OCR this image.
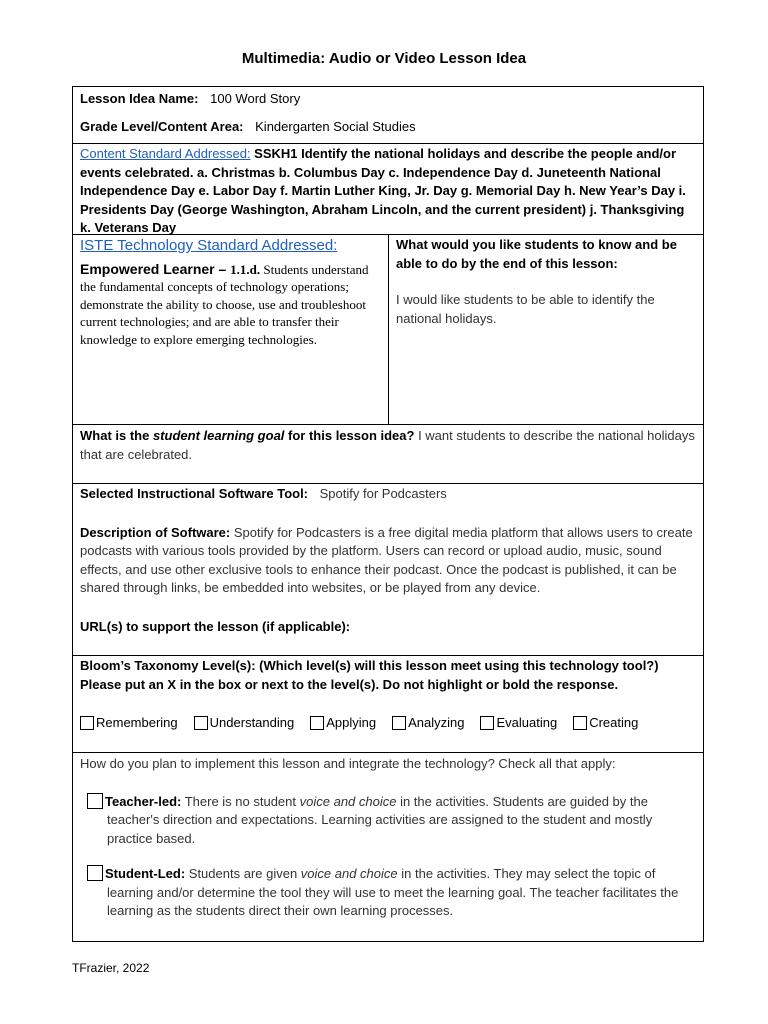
Multimedia: Audio or Video Lesson Idea
Lesson Idea Name: 100 Word Story
Grade Level/Content Area: Kindergarten Social Studies
Content Standard Addressed: SSKH1 Identify the national holidays and describe the people and/or events celebrated. a. Christmas b. Columbus Day c. Independence Day d. Juneteenth National Independence Day e. Labor Day f. Martin Luther King, Jr. Day g. Memorial Day h. New Year’s Day i. Presidents Day (George Washington, Abraham Lincoln, and the current president) j. Thanksgiving k. Veterans Day
ISTE Technology Standard Addressed:
Empowered Learner – 1.1.d. Students understand the fundamental concepts of technology operations; demonstrate the ability to choose, use and troubleshoot current technologies; and are able to transfer their knowledge to explore emerging technologies.
What would you like students to know and be able to do by the end of this lesson:
I would like students to be able to identify the national holidays.
What is the student learning goal for this lesson idea? I want students to describe the national holidays that are celebrated.
Selected Instructional Software Tool: Spotify for Podcasters
Description of Software: Spotify for Podcasters is a free digital media platform that allows users to create podcasts with various tools provided by the platform. Users can record or upload audio, music, sound effects, and use other exclusive tools to enhance their podcast. Once the podcast is published, it can be shared through links, be embedded into websites, or be played from any device.
URL(s) to support the lesson (if applicable):
Bloom’s Taxonomy Level(s): (Which level(s) will this lesson meet using this technology tool?) Please put an X in the box or next to the level(s). Do not highlight or bold the response.
Remembering Understanding Applying Analyzing Evaluating Creating
How do you plan to implement this lesson and integrate the technology? Check all that apply:
Teacher-led: There is no student voice and choice in the activities. Students are guided by the teacher's direction and expectations. Learning activities are assigned to the student and mostly practice based.
Student-Led: Students are given voice and choice in the activities. They may select the topic of learning and/or determine the tool they will use to meet the learning goal. The teacher facilitates the learning as the students direct their own learning processes.
TFrazier, 2022
